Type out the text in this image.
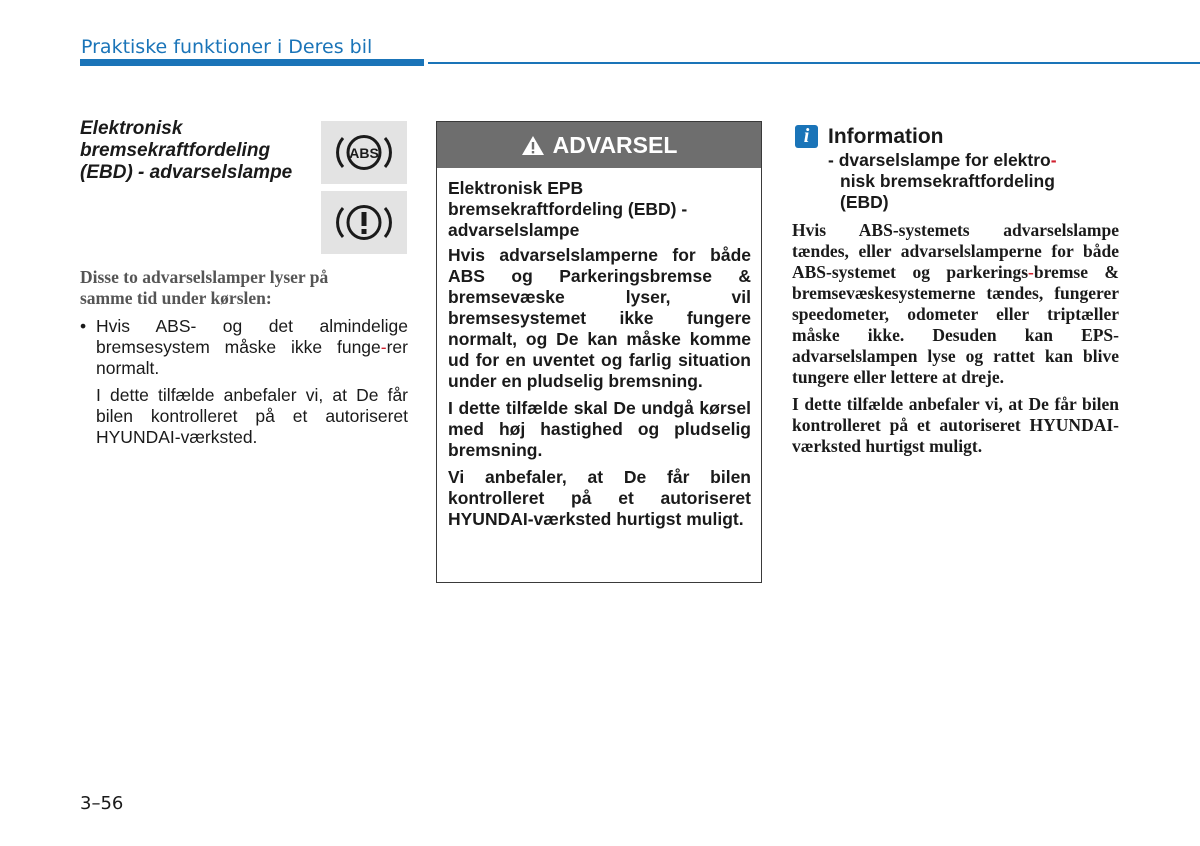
Praktiske funktioner i Deres bil
Elektronisk
bremsekraftfordeling
(EBD) - advarselslampe
ABS
Disse to advarselslamper lyser på
samme tid under kørslen:
• Hvis ABS- og det almindelige bremsesystem måske ikke funge-rer normalt.

I dette tilfælde anbefaler vi, at De får bilen kontrolleret på et autoriseret HYUNDAI-værksted.

ADVARSEL

Elektronisk EPB
bremsekraftfordeling (EBD) -
advarselslampe

Hvis advarselslamperne for både ABS og Parkeringsbremse & bremsevæske lyser, vil bremsesystemet ikke fungere normalt, og De kan måske komme ud for en uventet og farlig situation under en pludselig bremsning.

I dette tilfælde skal De undgå kørsel med høj hastighed og pludselig bremsning.

Vi anbefaler, at De får bilen kontrolleret på et autoriseret HYUNDAI-værksted hurtigst muligt.

i Information
- dvarselslampe for elektro-
nisk bremsekraftfordeling
(EBD)

Hvis ABS-systemets advarselslampe tændes, eller advarselslamperne for både ABS-systemet og parkerings-bremse & bremsevæskesystemerne tændes, fungerer speedometer, odometer eller triptæller måske ikke. Desuden kan EPS-advarselslampen lyse og rattet kan blive tungere eller lettere at dreje.

I dette tilfælde anbefaler vi, at De får bilen kontrolleret på et autoriseret HYUNDAI-værksted hurtigst muligt.

3–56
